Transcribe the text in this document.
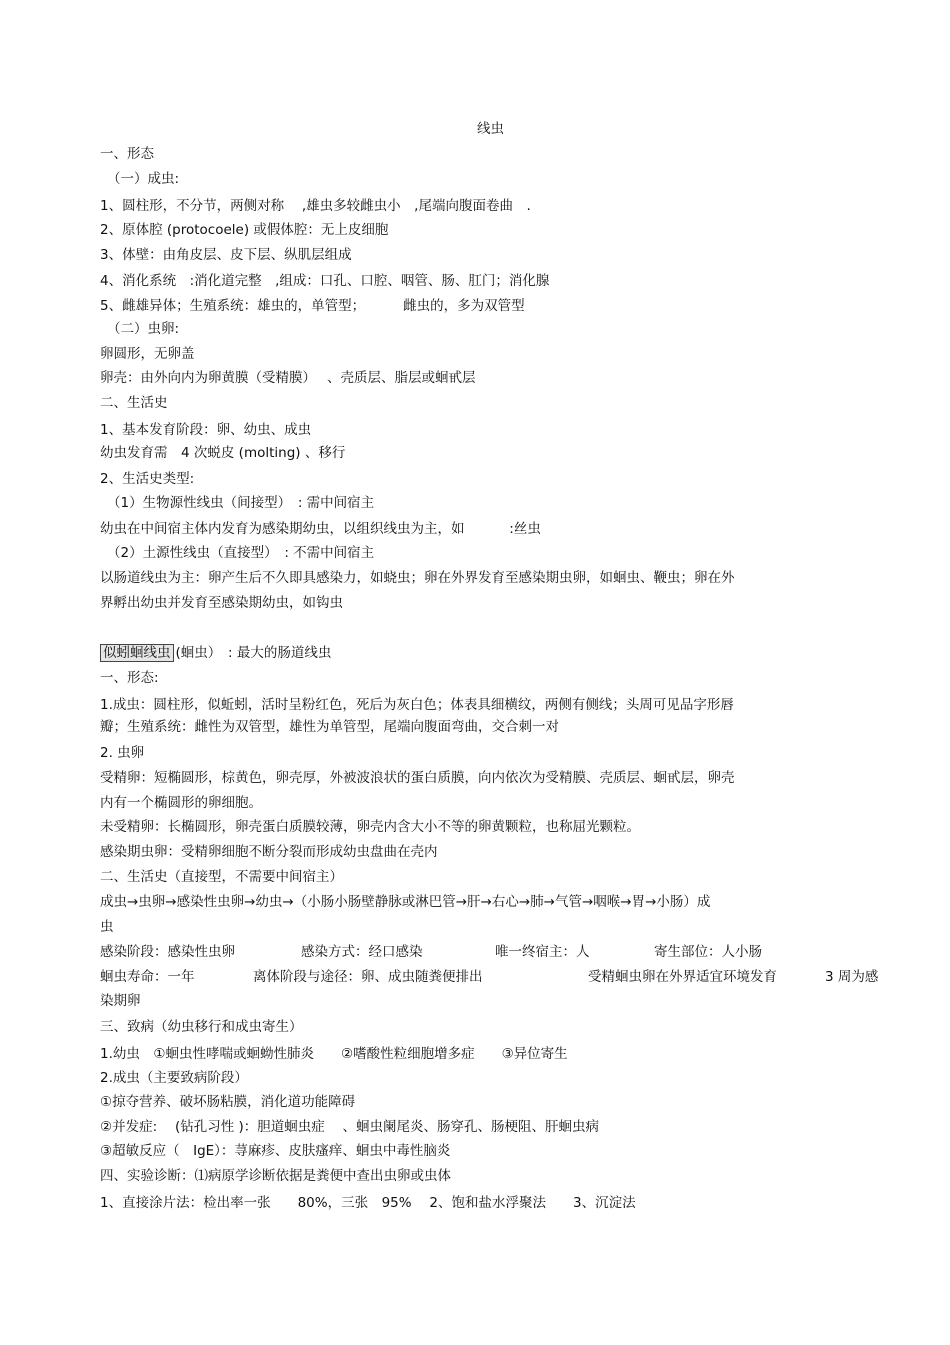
线虫
一、形态
（一）成虫:
1、圆柱形，不分节，两侧对称　 ,雄虫多较雌虫小　,尾端向腹面卷曲　.
2、原体腔 (protocoele) 或假体腔：无上皮细胞
3、体壁：由角皮层、皮下层、纵肌层组成
4、消化系统　:消化道完整　,组成：口孔、口腔、咽管、肠、肛门；消化腺
5、雌雄异体；生殖系统：雄虫的，单管型；　　　 雌虫的，多为双管型
（二）虫卵:
卵圆形，无卵盖
卵壳：由外向内为卵黄膜（受精膜）　 、壳质层、脂层或蛔甙层
二、生活史
1、基本发育阶段：卵、幼虫、成虫
幼虫发育需　4 次蜕皮 (molting) 、移行
2、生活史类型:
（1）生物源性线虫（间接型）　: 需中间宿主
幼虫在中间宿主体内发育为感染期幼虫，以组织线虫为主，如　　　 :丝虫
（2）土源性线虫（直接型）　: 不需中间宿主
以肠道线虫为主：卵产生后不久即具感染力，如蛲虫；卵在外界发育至感染期虫卵，如蛔虫、鞭虫；卵在外
界孵出幼虫并发育至感染期幼虫，如钩虫
似蚓蛔线虫 (蛔虫）　: 最大的肠道线虫
一、形态:
1.成虫：圆柱形，似蚯蚓，活时呈粉红色，死后为灰白色；体表具细横纹，两侧有侧线；头周可见品字形唇
瓣；生殖系统：雌性为双管型，雄性为单管型，尾端向腹面弯曲，交合刺一对
2. 虫卵
受精卵：短椭圆形，棕黄色，卵壳厚，外被波浪状的蛋白质膜，向内依次为受精膜、壳质层、蛔甙层，卵壳
内有一个椭圆形的卵细胞。
未受精卵：长椭圆形，卵壳蛋白质膜较薄，卵壳内含大小不等的卵黄颗粒，也称屈光颗粒。
感染期虫卵：受精卵细胞不断分裂而形成幼虫盘曲在壳内
二、生活史（直接型，不需要中间宿主）
成虫→虫卵→感染性虫卵→幼虫→（小肠小肠壁静脉或淋巴管→肝→右心→肺→气管→咽喉→胃→小肠）成
虫
感染阶段：感染性虫卵	感染方式：经口感染	唯一终宿主：人	寄生部位：人小肠
蛔虫寿命：一年	离体阶段与途径：卵、成虫随粪便排出	受精蛔虫卵在外界适宜环境发育	3 周为感
染期卵
三、致病（幼虫移行和成虫寄生）
1.幼虫　①蛔虫性哮喘或蛔蚴性肺炎　　②嗜酸性粒细胞增多症　　③异位寄生
2.成虫（主要致病阶段）
①掠夺营养、破坏肠粘膜，消化道功能障碍
②并发症:　 (钻孔习性 )：胆道蛔虫症　 、蛔虫阑尾炎、肠穿孔、肠梗阻、肝蛔虫病
③超敏反应（　IgE）：荨麻疹、皮肤瘙痒、蛔虫中毒性脑炎
四、实验诊断：⑴病原学诊断依据是粪便中查出虫卵或虫体
1、直接涂片法：检出率一张　　80%，三张　95%　 2、饱和盐水浮聚法　　3、沉淀法
